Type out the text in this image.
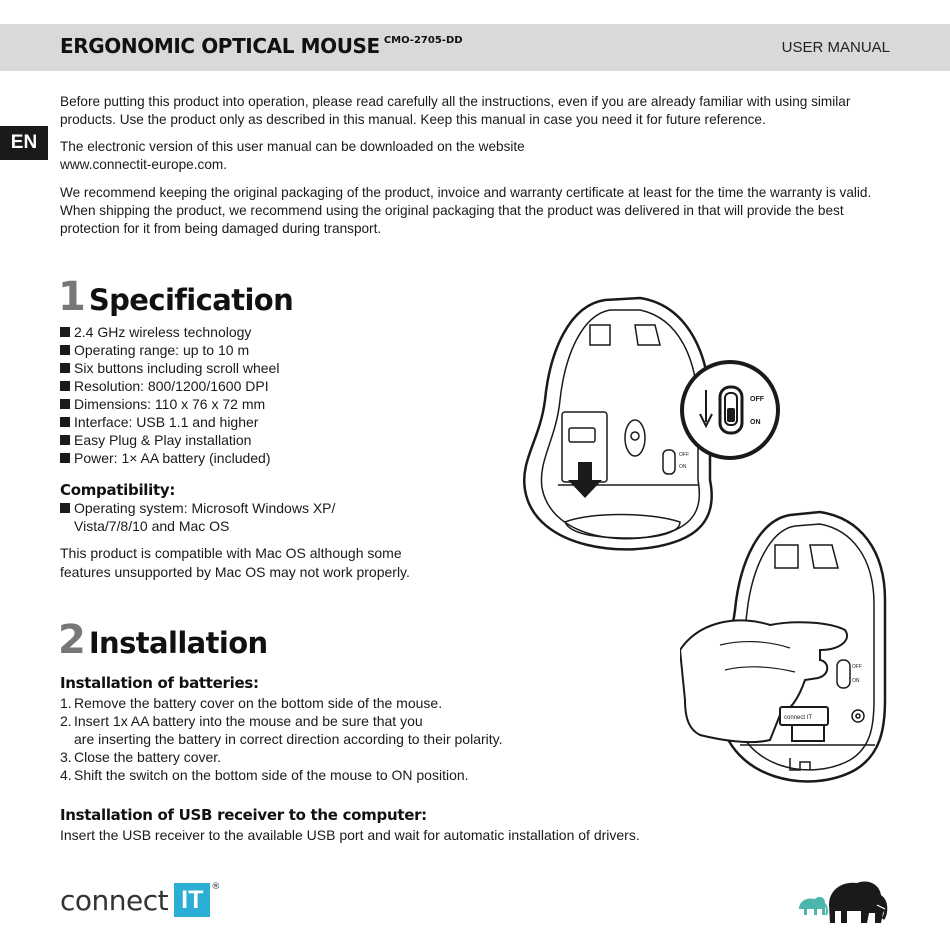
ERGONOMIC OPTICAL MOUSE $^{CMO-2705-DD}$	USER MANUAL
EN

Before putting this product into operation, please read carefully all the instructions, even if you are already familiar with using similar products. Use the product only as described in this manual. Keep this manual in case you need it for future reference.

The electronic version of this user manual can be downloaded on the website
www.connectit-europe.com.

We recommend keeping the original packaging of the product, invoice and warranty certificate at least for the time the warranty is valid. When shipping the product, we recommend using the original packaging that the product was delivered in that will provide the best protection for it from being damaged during transport.

1 Specification
2.4 GHz wireless technology
Operating range: up to 10 m
Six buttons including scroll wheel
Resolution: 800/1200/1600 DPI
Dimensions: 110 x 76 x 72 mm
Interface: USB 1.1 and higher
Easy Plug & Play installation
Power: 1× AA battery (included)
Compatibility:
Operating system: Microsoft Windows XP/
Vista/7/8/10 and Mac OS

This product is compatible with Mac OS although some
features unsupported by Mac OS may not work properly.

2 Installation
Installation of batteries:
1. Remove the battery cover on the bottom side of the mouse.
2. Insert 1x AA battery into the mouse and be sure that you
are inserting the battery in correct direction according to their polarity.
3. Close the battery cover.
4. Shift the switch on the bottom side of the mouse to ON position.
Installation of USB receiver to the computer:

Insert the USB receiver to the available USB port and wait for automatic installation of drivers.

OFF
ON
OFF
ON
OFF
ON
connect IT
connect IT ®
